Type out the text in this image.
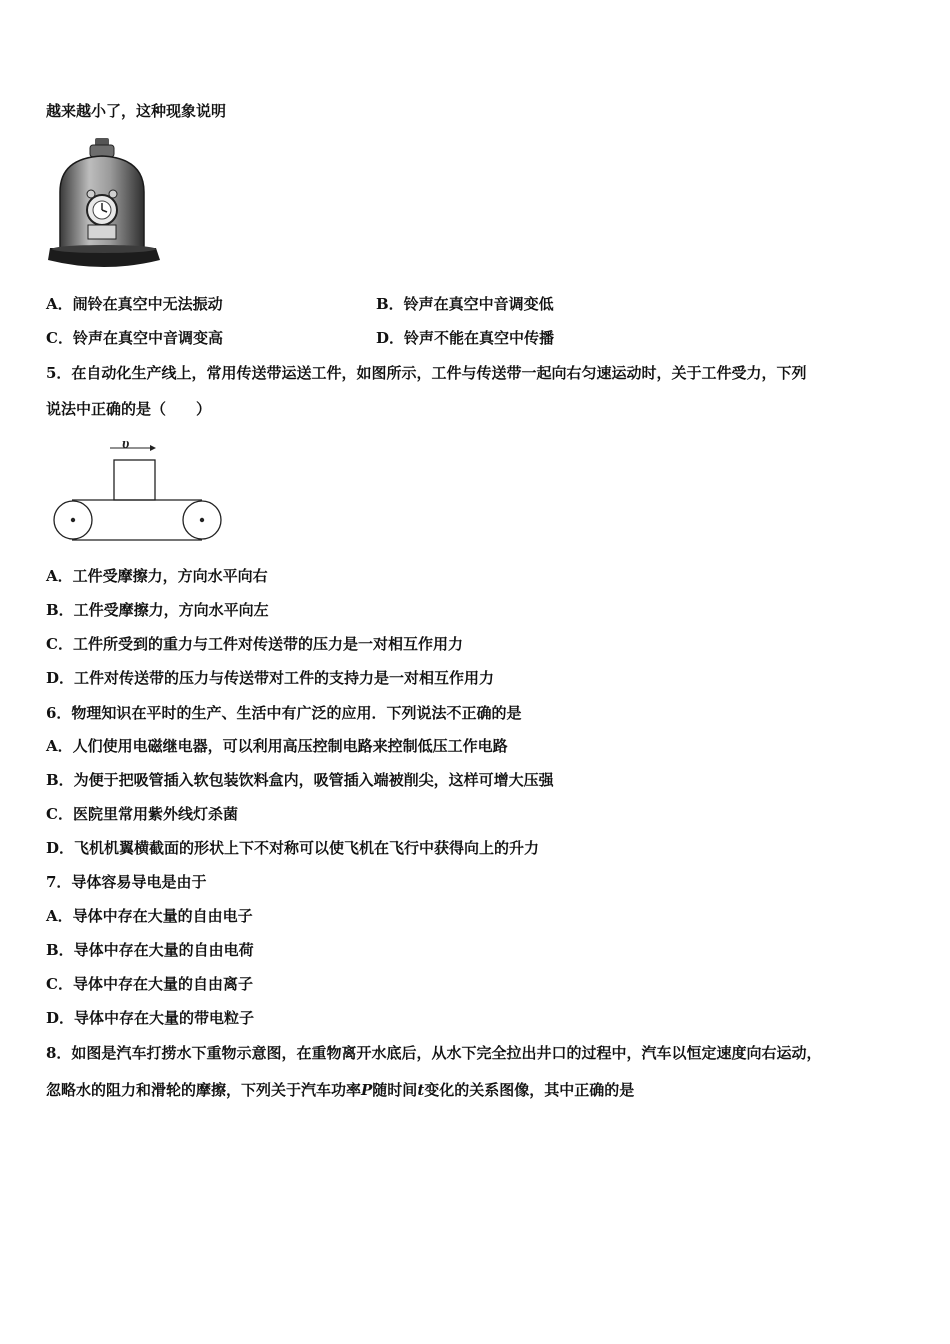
越来越小了，这种现象说明
A．闹铃在真空中无法振动	B．铃声在真空中音调变低
C．铃声在真空中音调变高	D．铃声不能在真空中传播
5．在自动化生产线上，常用传送带运送工件，如图所示，工件与传送带一起向右匀速运动时，关于工件受力，下列
说法中正确的是（　　）
υ
A．工件受摩擦力，方向水平向右
B．工件受摩擦力，方向水平向左
C．工件所受到的重力与工件对传送带的压力是一对相互作用力
D．工件对传送带的压力与传送带对工件的支持力是一对相互作用力
6．物理知识在平时的生产、生活中有广泛的应用．下列说法不正确的是
A．人们使用电磁继电器，可以利用高压控制电路来控制低压工作电路
B．为便于把吸管插入软包装饮料盒内，吸管插入端被削尖，这样可增大压强
C．医院里常用紫外线灯杀菌
D．飞机机翼横截面的形状上下不对称可以使飞机在飞行中获得向上的升力
7．导体容易导电是由于
A．导体中存在大量的自由电子
B．导体中存在大量的自由电荷
C．导体中存在大量的自由离子
D．导体中存在大量的带电粒子
8．如图是汽车打捞水下重物示意图，在重物离开水底后，从水下完全拉出井口的过程中，汽车以恒定速度向右运动，
忽略水的阻力和滑轮的摩擦，下列关于汽车功率P随时间t变化的关系图像，其中正确的是
